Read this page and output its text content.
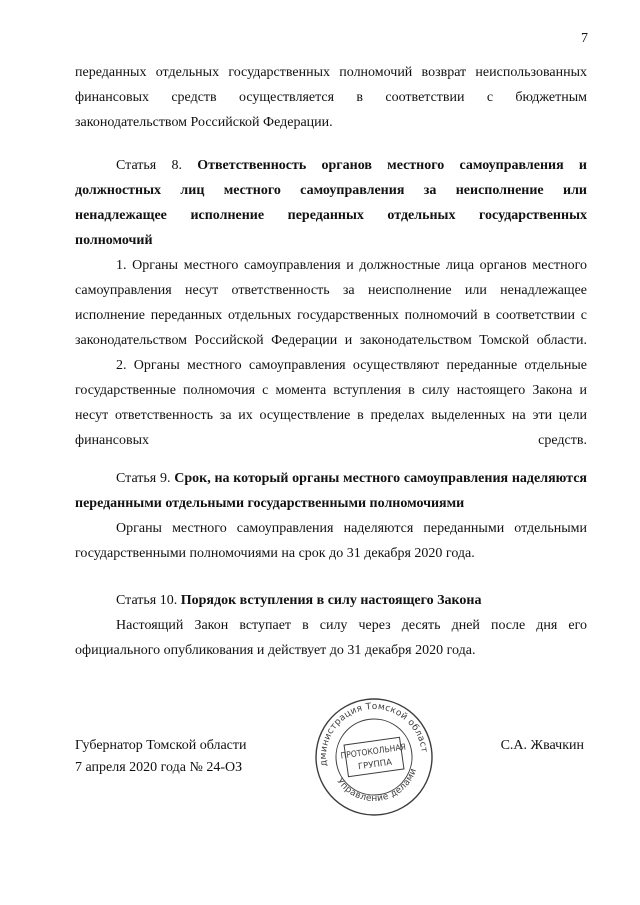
7

переданных отдельных государственных полномочий возврат неиспользованных финансовых средств осуществляется в соответствии с бюджетным законодательством Российской Федерации.

Статья 8. Ответственность органов местного самоуправления и должностных лиц местного самоуправления за неисполнение или ненадлежащее исполнение переданных отдельных государственных полномочий

1. Органы местного самоуправления и должностные лица органов местного самоуправления несут ответственность за неисполнение или ненадлежащее исполнение переданных отдельных государственных полномочий в соответствии с законодательством Российской Федерации и законодательством Томской области.

2. Органы местного самоуправления осуществляют переданные отдельные государственные полномочия с момента вступления в силу настоящего Закона и несут ответственность за их осуществление в пределах выделенных на эти цели финансовых средств.

Статья 9. Срок, на который органы местного самоуправления наделяются переданными отдельными государственными полномочиями

Органы местного самоуправления наделяются переданными отдельными государственными полномочиями на срок до 31 декабря 2020 года.

Статья 10. Порядок вступления в силу настоящего Закона

Настоящий Закон вступает в силу через десять дней после дня его официального опубликования и действует до 31 декабря 2020 года.

Губернатор Томской области
7 апреля 2020 года № 24-ОЗ
С.А. Жвачкин
Администрация Томской области
Управление делами
ПРОТОКОЛЬНАЯ
ГРУППА
